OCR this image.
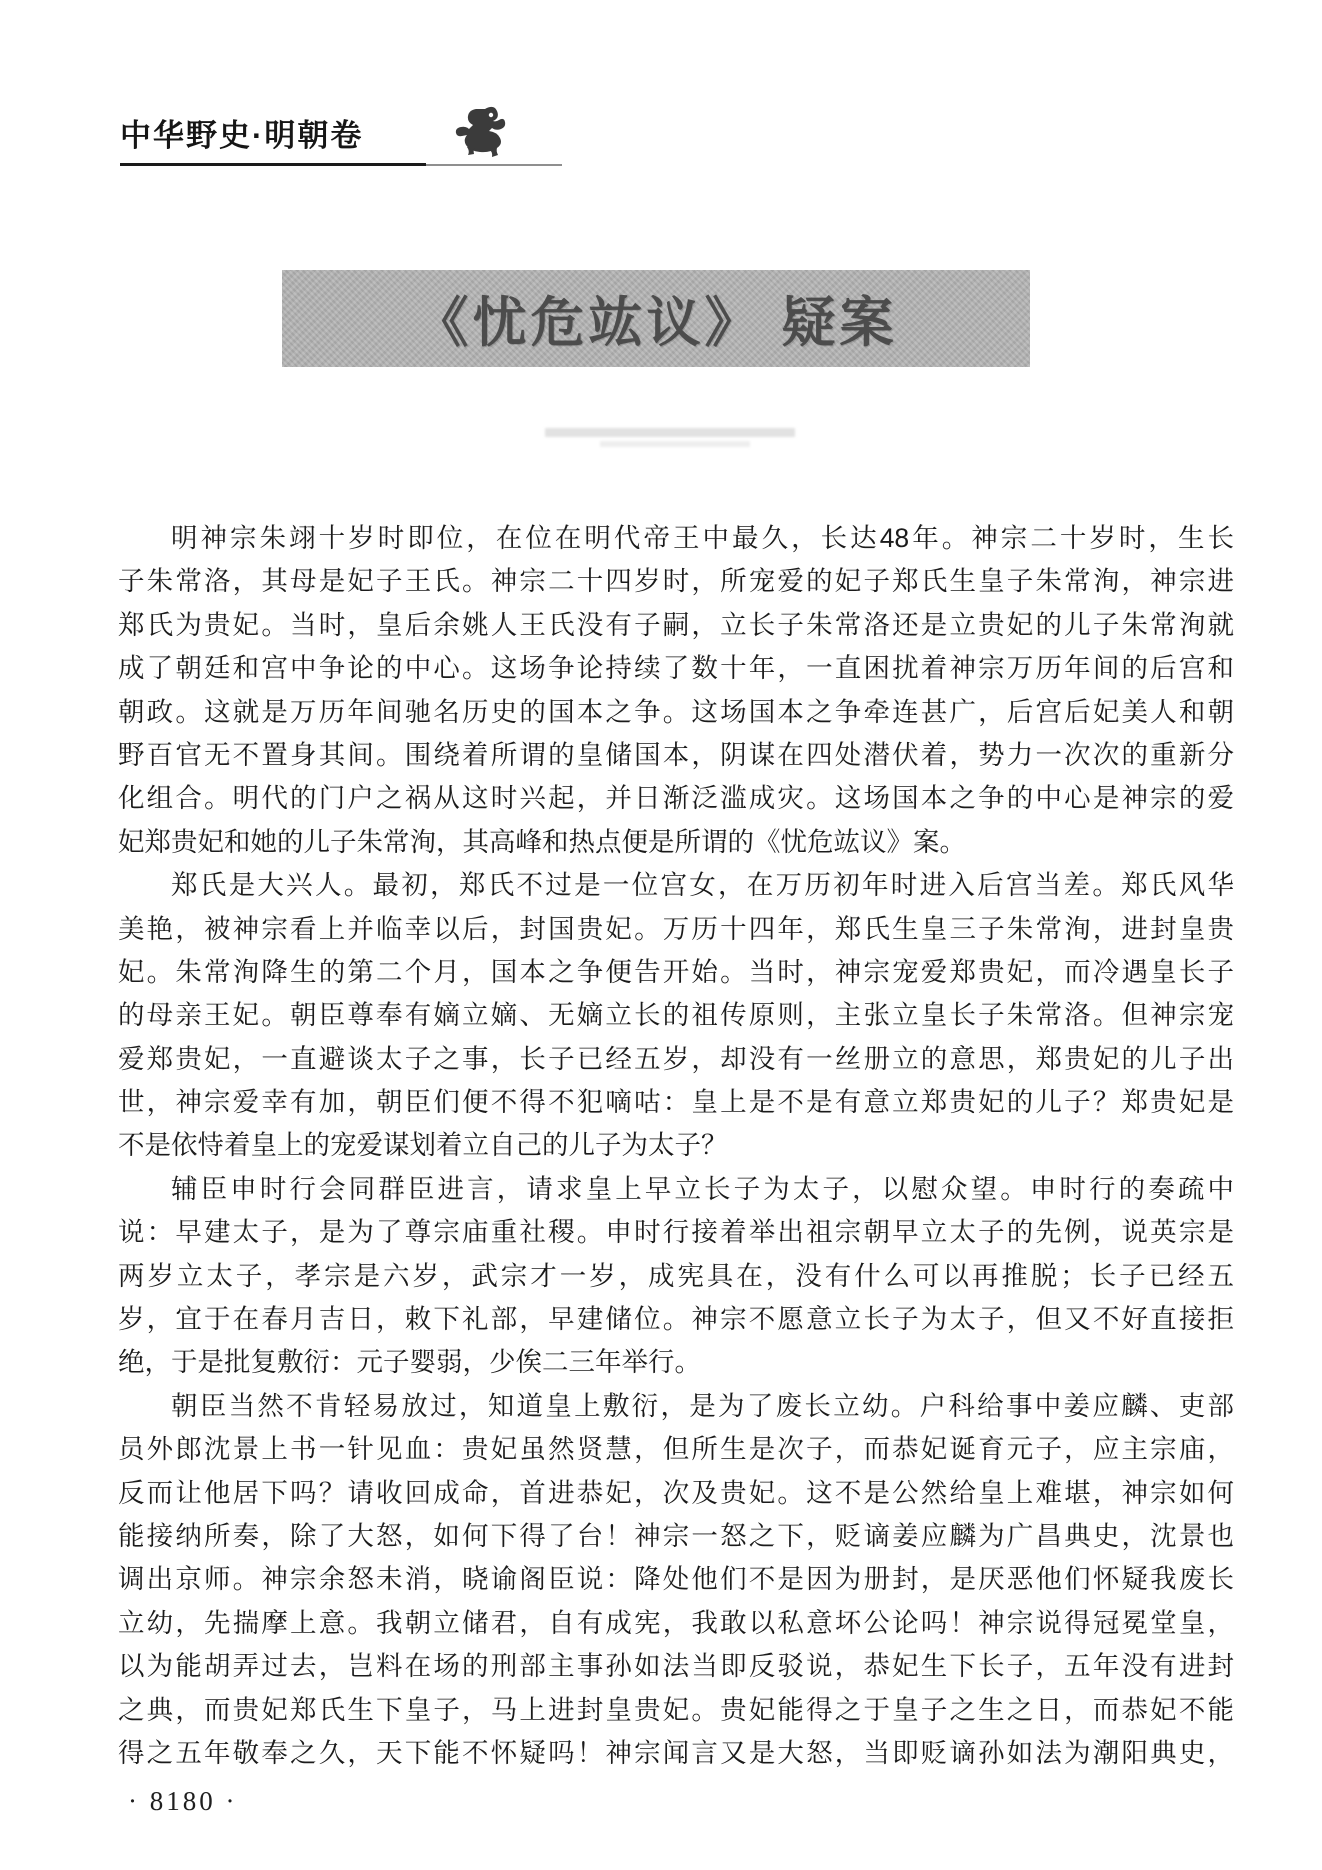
中华野史·明朝卷
《忧危竑议》 疑案
明神宗朱翊十岁时即位，在位在明代帝王中最久，长达48年。神宗二十岁时，生长
子朱常洛，其母是妃子王氏。神宗二十四岁时，所宠爱的妃子郑氏生皇子朱常洵，神宗进
郑氏为贵妃。当时，皇后余姚人王氏没有子嗣，立长子朱常洛还是立贵妃的儿子朱常洵就
成了朝廷和宫中争论的中心。这场争论持续了数十年，一直困扰着神宗万历年间的后宫和
朝政。这就是万历年间驰名历史的国本之争。这场国本之争牵连甚广，后宫后妃美人和朝
野百官无不置身其间。围绕着所谓的皇储国本，阴谋在四处潜伏着，势力一次次的重新分
化组合。明代的门户之祸从这时兴起，并日渐泛滥成灾。这场国本之争的中心是神宗的爱
妃郑贵妃和她的儿子朱常洵，其高峰和热点便是所谓的《忧危竑议》案。
郑氏是大兴人。最初，郑氏不过是一位宫女，在万历初年时进入后宫当差。郑氏风华
美艳，被神宗看上并临幸以后，封国贵妃。万历十四年，郑氏生皇三子朱常洵，进封皇贵
妃。朱常洵降生的第二个月，国本之争便告开始。当时，神宗宠爱郑贵妃，而冷遇皇长子
的母亲王妃。朝臣尊奉有嫡立嫡、无嫡立长的祖传原则，主张立皇长子朱常洛。但神宗宠
爱郑贵妃，一直避谈太子之事，长子已经五岁，却没有一丝册立的意思，郑贵妃的儿子出
世，神宗爱幸有加，朝臣们便不得不犯嘀咕：皇上是不是有意立郑贵妃的儿子？郑贵妃是
不是依恃着皇上的宠爱谋划着立自己的儿子为太子？
辅臣申时行会同群臣进言，请求皇上早立长子为太子，以慰众望。申时行的奏疏中
说：早建太子，是为了尊宗庙重社稷。申时行接着举出祖宗朝早立太子的先例，说英宗是
两岁立太子，孝宗是六岁，武宗才一岁，成宪具在，没有什么可以再推脱；长子已经五
岁，宜于在春月吉日，敕下礼部，早建储位。神宗不愿意立长子为太子，但又不好直接拒
绝，于是批复敷衍：元子婴弱，少俟二三年举行。
朝臣当然不肯轻易放过，知道皇上敷衍，是为了废长立幼。户科给事中姜应麟、吏部
员外郎沈景上书一针见血：贵妃虽然贤慧，但所生是次子，而恭妃诞育元子，应主宗庙，
反而让他居下吗？请收回成命，首进恭妃，次及贵妃。这不是公然给皇上难堪，神宗如何
能接纳所奏，除了大怒，如何下得了台！神宗一怒之下，贬谪姜应麟为广昌典史，沈景也
调出京师。神宗余怒未消，晓谕阁臣说：降处他们不是因为册封，是厌恶他们怀疑我废长
立幼，先揣摩上意。我朝立储君，自有成宪，我敢以私意坏公论吗！神宗说得冠冕堂皇，
以为能胡弄过去，岂料在场的刑部主事孙如法当即反驳说，恭妃生下长子，五年没有进封
之典，而贵妃郑氏生下皇子，马上进封皇贵妃。贵妃能得之于皇子之生之日，而恭妃不能
得之五年敬奉之久，天下能不怀疑吗！神宗闻言又是大怒，当即贬谪孙如法为潮阳典史，
· 8180 ·
